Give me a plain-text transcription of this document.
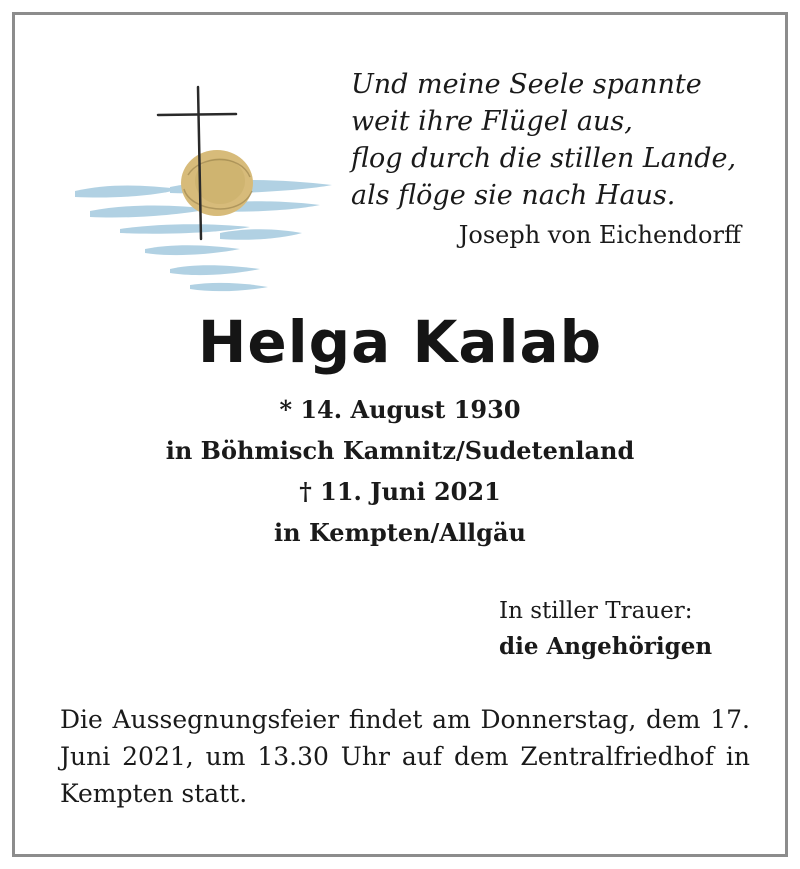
Und meine Seele spannte
weit ihre Flügel aus,
flog durch die stillen Lande,
als flöge sie nach Haus.
Joseph von Eichendorff
Helga Kalab
* 14. August 1930
in Böhmisch Kamnitz/Sudetenland
† 11. Juni 2021
in Kempten/Allgäu
In stiller Trauer:
die Angehörigen
Die Aussegnungsfeier findet am Donnerstag, dem 17. Juni 2021, um 13.30 Uhr auf dem Zentralfriedhof in Kempten statt.
